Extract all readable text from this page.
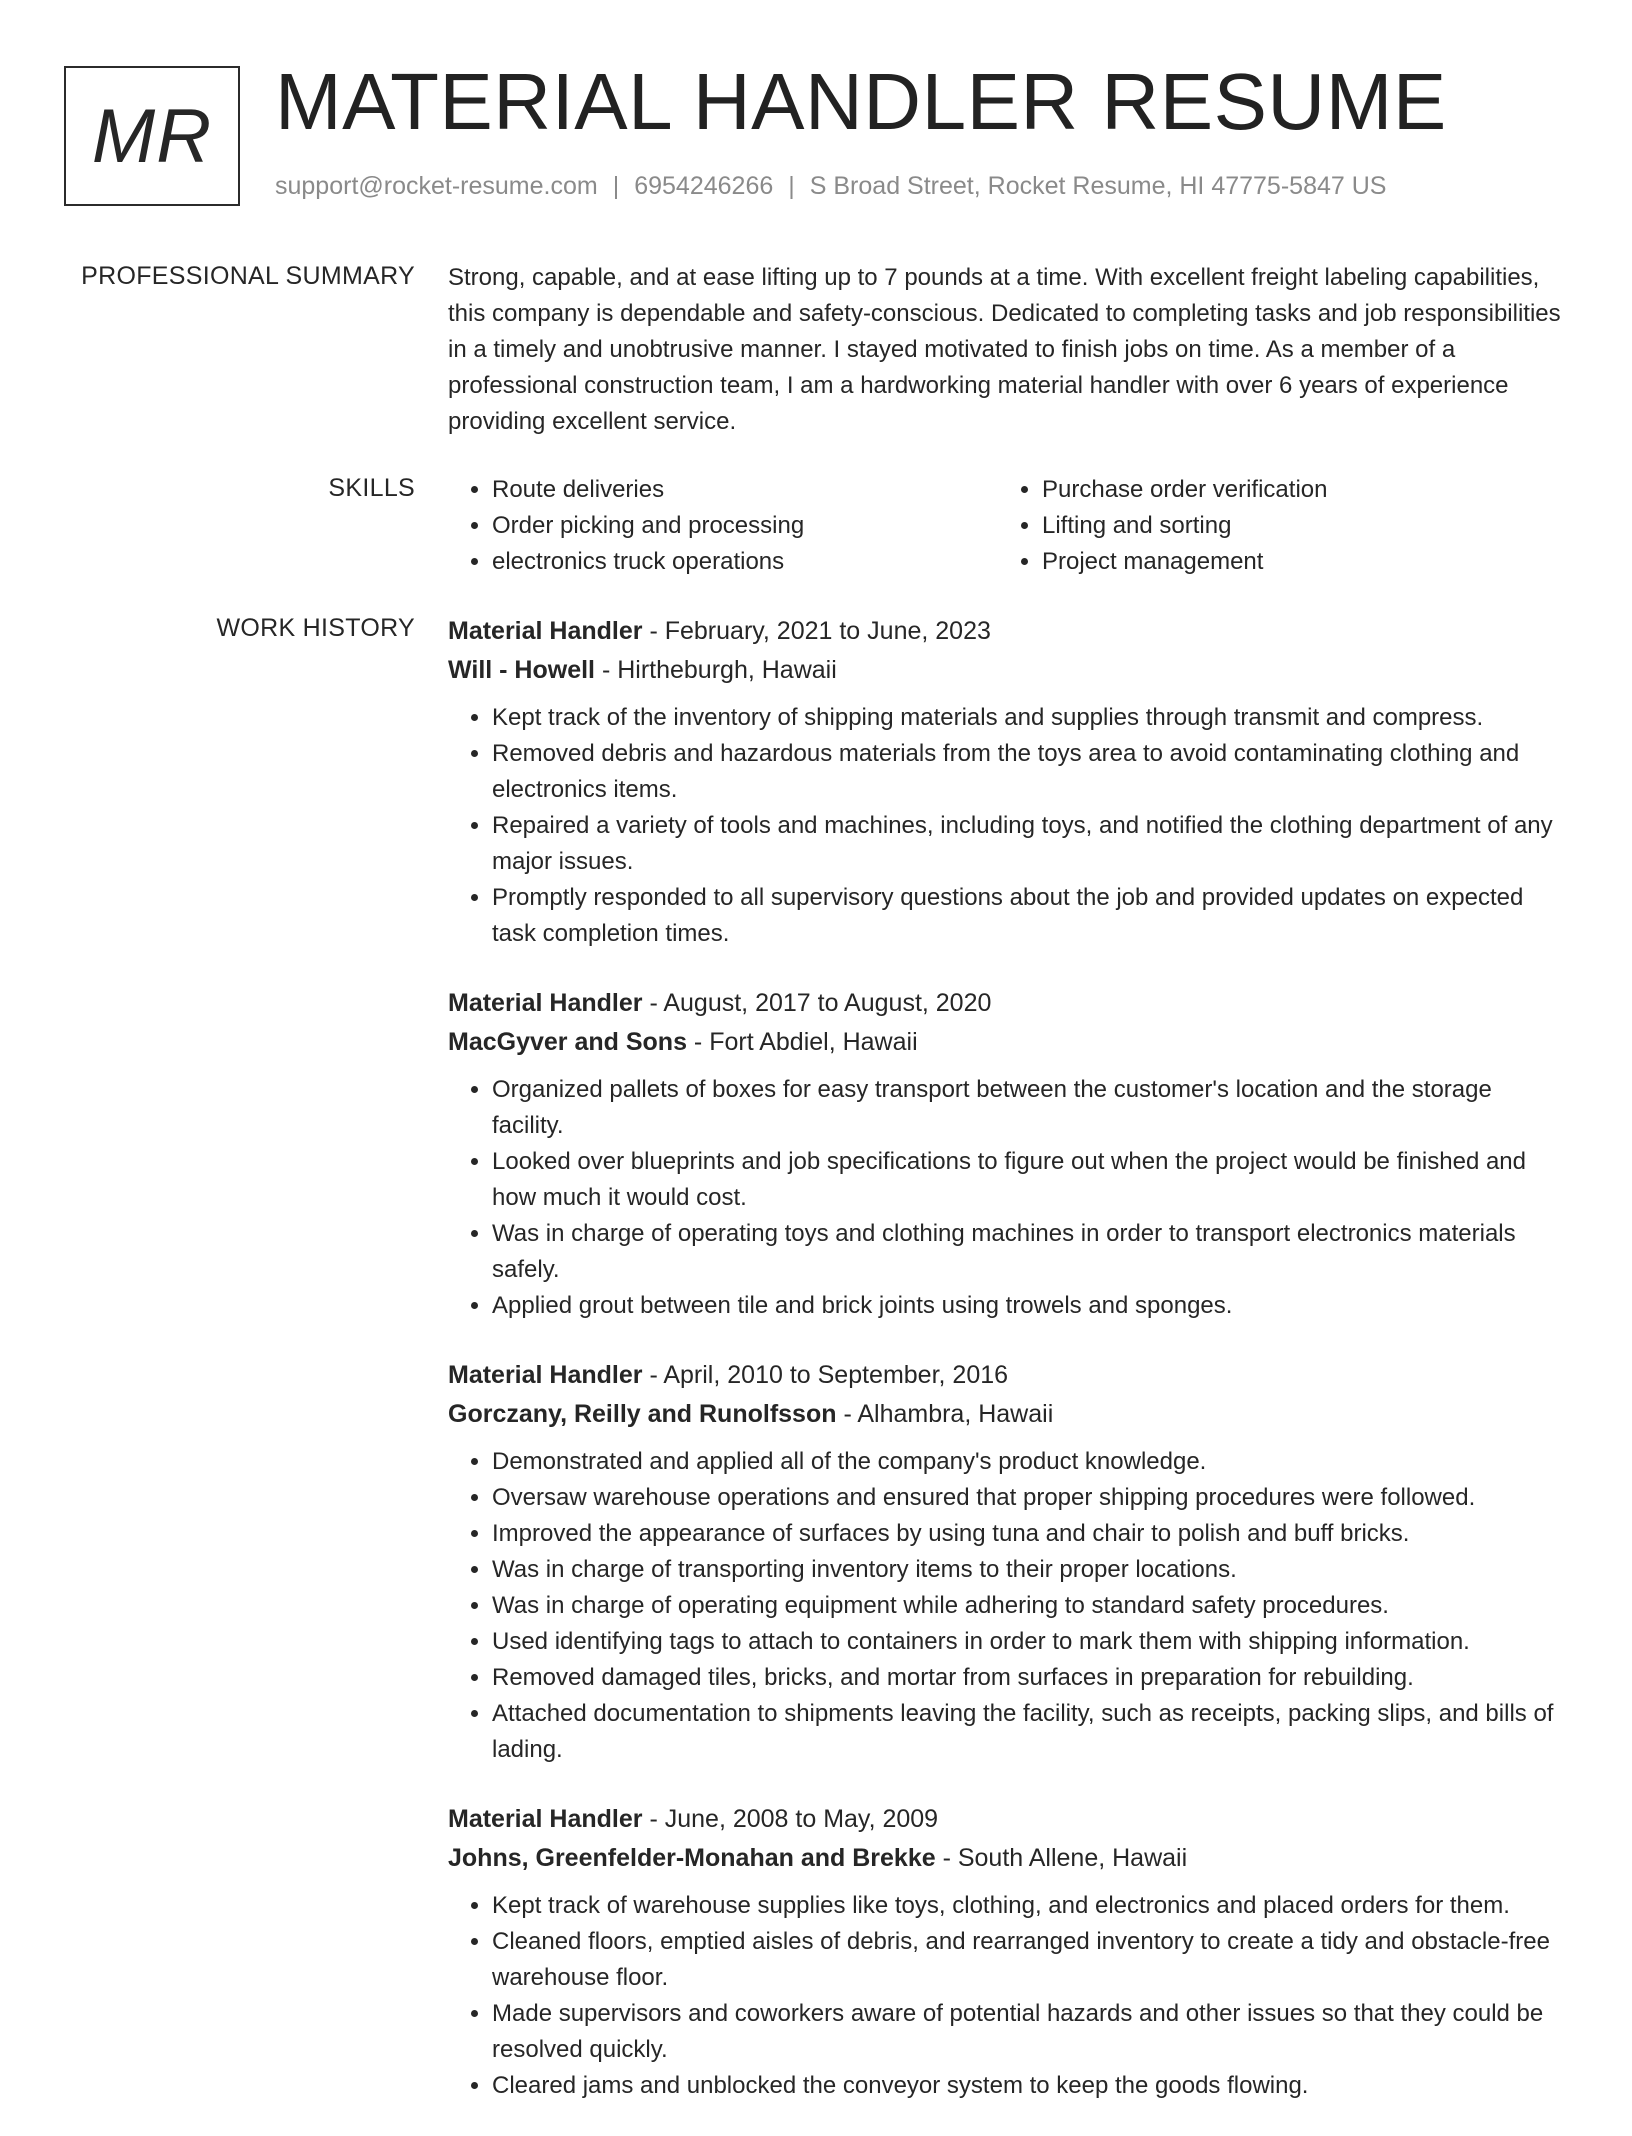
MR MATERIAL HANDLER RESUME
support@rocket-resume.com | 6954246266 | S Broad Street, Rocket Resume, HI 47775-5847 US
PROFESSIONAL SUMMARY Strong, capable, and at ease lifting up to 7 pounds at a time. With excellent freight labeling capabilities, this company is dependable and safety-conscious. Dedicated to completing tasks and job responsibilities in a timely and unobtrusive manner. I stayed motivated to finish jobs on time. As a member of a professional construction team, I am a hardworking material handler with over 6 years of experience providing excellent service.
SKILLS
•	Route deliveries
• Order picking and processing
• electronics truck operations
• Purchase order verification
• Lifting and sorting
• Project management
WORK HISTORY Material Handler - February, 2021 to June, 2023
Will - Howell - Hirtheburgh, Hawaii
• Kept track of the inventory of shipping materials and supplies through transmit and compress.
• Removed debris and hazardous materials from the toys area to avoid contaminating clothing and electronics items.
• Repaired a variety of tools and machines, including toys, and notified the clothing department of any major issues.
• Promptly responded to all supervisory questions about the job and provided updates on expected task completion times.
Material Handler - August, 2017 to August, 2020
MacGyver and Sons - Fort Abdiel, Hawaii
• Organized pallets of boxes for easy transport between the customer's location and the storage facility.
• Looked over blueprints and job specifications to figure out when the project would be finished and how much it would cost.
• Was in charge of operating toys and clothing machines in order to transport electronics materials safely.
• Applied grout between tile and brick joints using trowels and sponges.
Material Handler - April, 2010 to September, 2016
Gorczany, Reilly and Runolfsson - Alhambra, Hawaii
• Demonstrated and applied all of the company's product knowledge.
• Oversaw warehouse operations and ensured that proper shipping procedures were followed.
• Improved the appearance of surfaces by using tuna and chair to polish and buff bricks.
• Was in charge of transporting inventory items to their proper locations.
• Was in charge of operating equipment while adhering to standard safety procedures.
• Used identifying tags to attach to containers in order to mark them with shipping information.
• Removed damaged tiles, bricks, and mortar from surfaces in preparation for rebuilding.
• Attached documentation to shipments leaving the facility, such as receipts, packing slips, and bills of lading.
Material Handler - June, 2008 to May, 2009
Johns, Greenfelder-Monahan and Brekke - South Allene, Hawaii
• Kept track of warehouse supplies like toys, clothing, and electronics and placed orders for them.
• Cleaned floors, emptied aisles of debris, and rearranged inventory to create a tidy and obstacle-free warehouse floor.
• Made supervisors and coworkers aware of potential hazards and other issues so that they could be resolved quickly.
• Cleared jams and unblocked the conveyor system to keep the goods flowing.
